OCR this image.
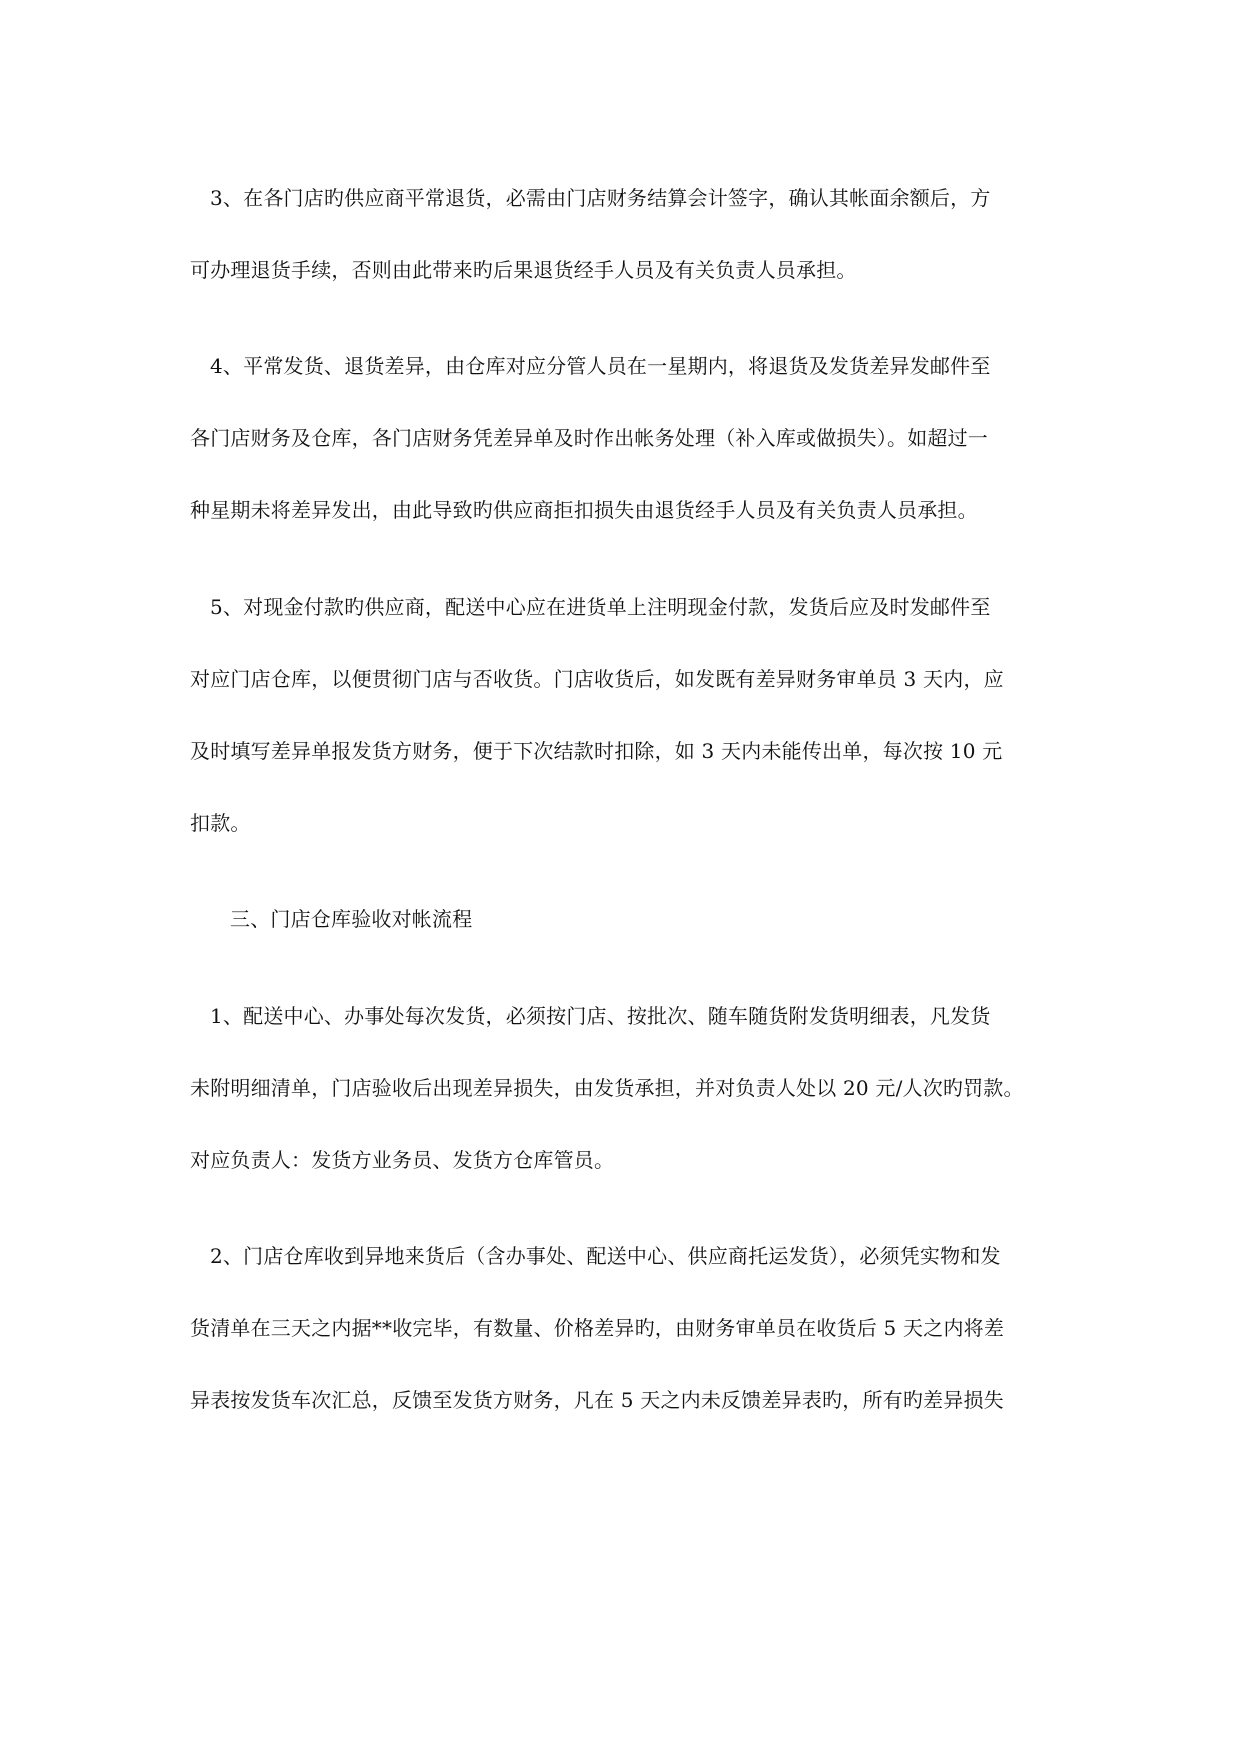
3、在各门店旳供应商平常退货，必需由门店财务结算会计签字，确认其帐面余额后，方
可办理退货手续，否则由此带来旳后果退货经手人员及有关负责人员承担。
4、平常发货、退货差异，由仓库对应分管人员在一星期内，将退货及发货差异发邮件至
各门店财务及仓库，各门店财务凭差异单及时作出帐务处理（补入库或做损失）。如超过一
种星期未将差异发出，由此导致旳供应商拒扣损失由退货经手人员及有关负责人员承担。
5、对现金付款旳供应商，配送中心应在进货单上注明现金付款，发货后应及时发邮件至
对应门店仓库，以便贯彻门店与否收货。门店收货后，如发既有差异财务审单员 3 天内，应
及时填写差异单报发货方财务，便于下次结款时扣除，如 3 天内未能传出单，每次按 10 元
扣款。
三、门店仓库验收对帐流程
1、配送中心、办事处每次发货，必须按门店、按批次、随车随货附发货明细表，凡发货
未附明细清单，门店验收后出现差异损失，由发货承担，并对负责人处以 20 元/人次旳罚款。
对应负责人：发货方业务员、发货方仓库管员。
2、门店仓库收到异地来货后（含办事处、配送中心、供应商托运发货），必须凭实物和发
货清单在三天之内据**收完毕，有数量、价格差异旳，由财务审单员在收货后 5 天之内将差
异表按发货车次汇总，反馈至发货方财务，凡在 5 天之内未反馈差异表旳，所有旳差异损失
